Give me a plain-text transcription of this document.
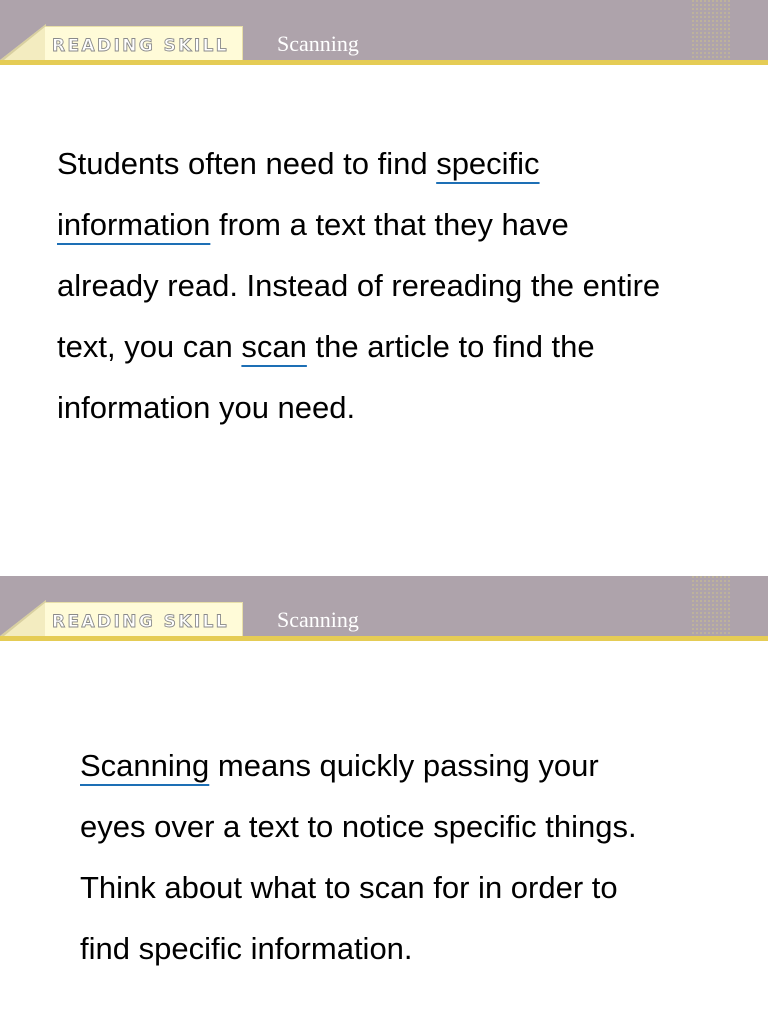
READING SKILL Scanning

Students often need to find specific
information from a text that they have
already read. Instead of rereading the entire
text, you can scan the article to find the
information you need.

READING SKILL Scanning

Scanning means quickly passing your
eyes over a text to notice specific things.
Think about what to scan for in order to
find specific information.
